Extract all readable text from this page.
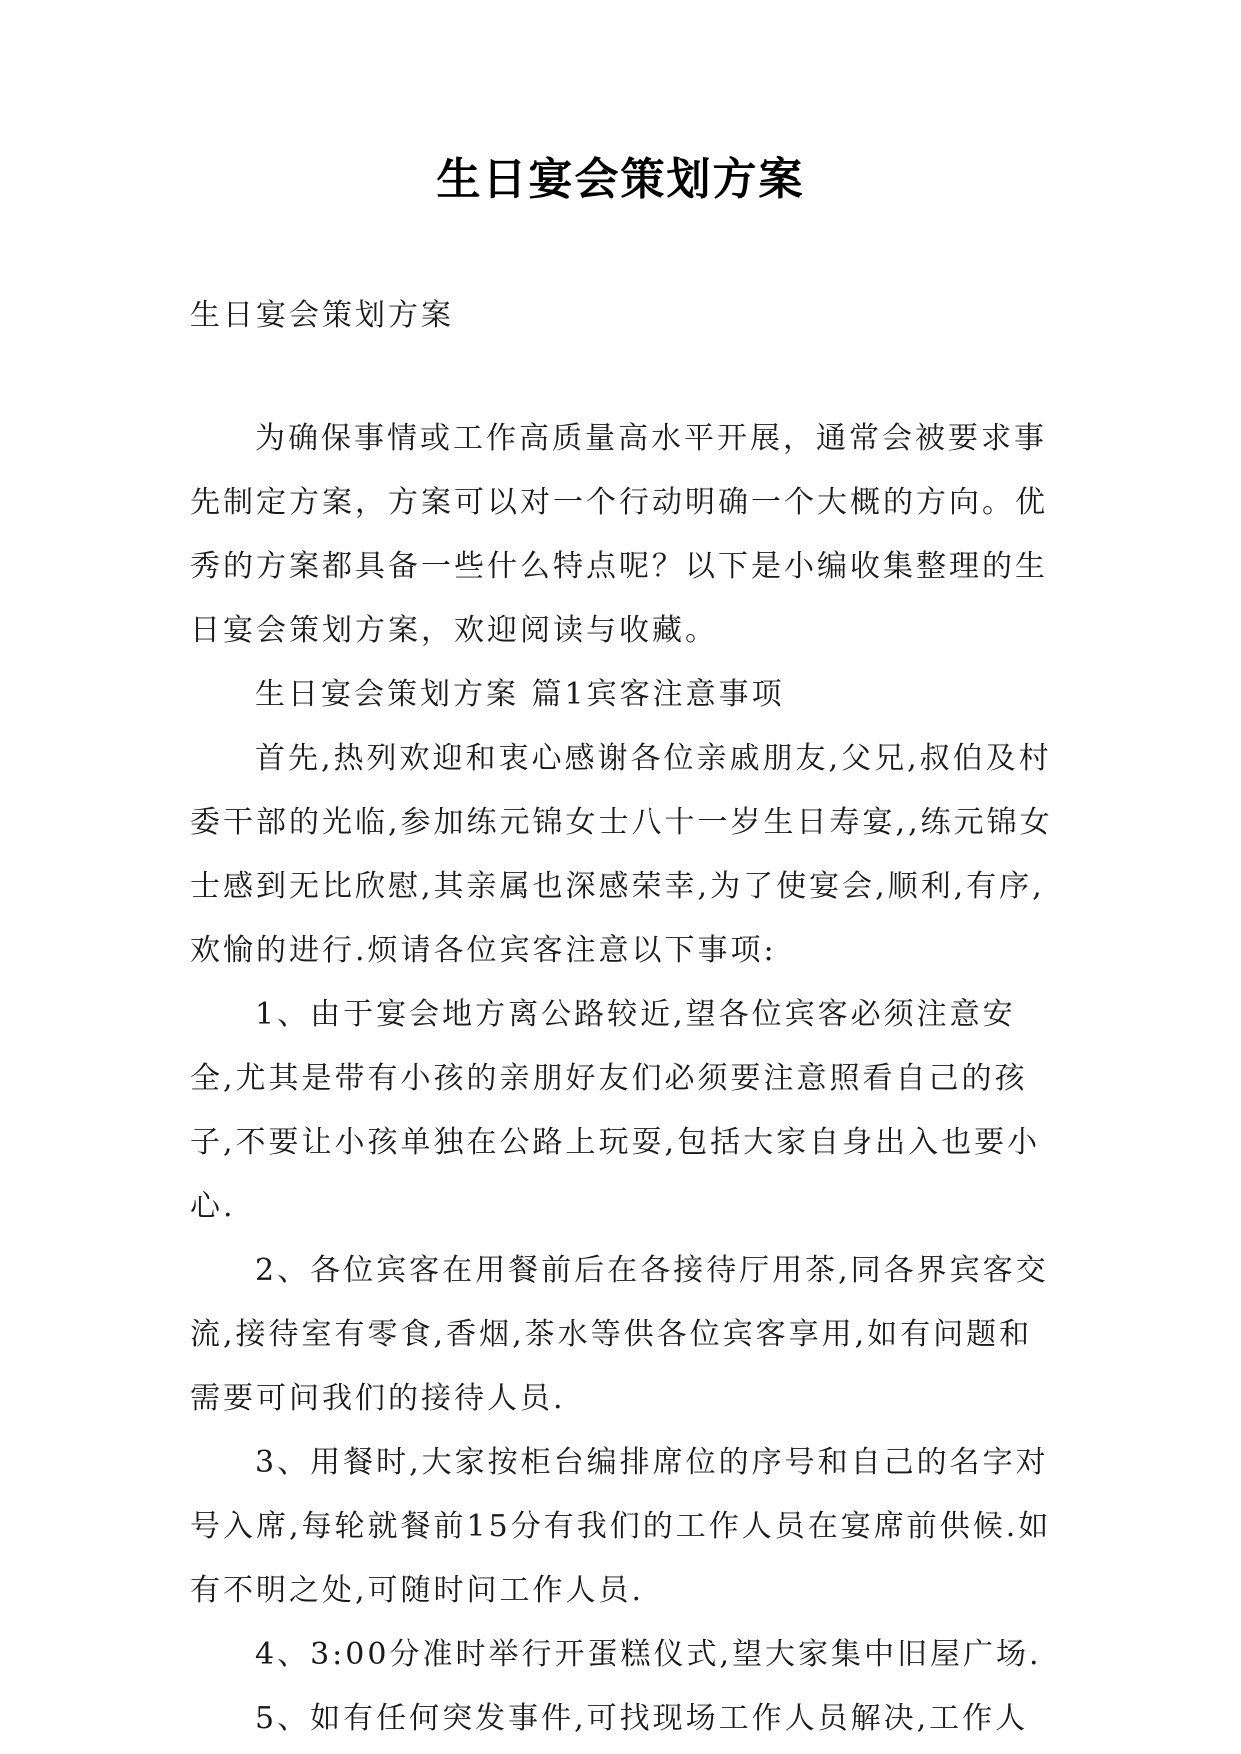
生日宴会策划方案
生日宴会策划方案

为确保事情或工作高质量高水平开展，通常会被要求事先制定方案，方案可以对一个行动明确一个大概的方向。优秀的方案都具备一些什么特点呢？以下是小编收集整理的生日宴会策划方案，欢迎阅读与收藏。

生日宴会策划方案 篇1宾客注意事项

首先,热列欢迎和衷心感谢各位亲戚朋友,父兄,叔伯及村委干部的光临,参加练元锦女士八十一岁生日寿宴,,练元锦女士感到无比欣慰,其亲属也深感荣幸,为了使宴会,顺利,有序,欢愉的进行.烦请各位宾客注意以下事项:

1、由于宴会地方离公路较近,望各位宾客必须注意安全,尤其是带有小孩的亲朋好友们必须要注意照看自己的孩子,不要让小孩单独在公路上玩耍,包括大家自身出入也要小心.

2、各位宾客在用餐前后在各接待厅用茶,同各界宾客交流,接待室有零食,香烟,茶水等供各位宾客享用,如有问题和需要可问我们的接待人员.

3、用餐时,大家按柜台编排席位的序号和自己的名字对号入席,每轮就餐前15分有我们的工作人员在宴席前供候.如有不明之处,可随时问工作人员.

4、3:00分准时举行开蛋糕仪式,望大家集中旧屋广场.

5、如有任何突发事件,可找现场工作人员解决,工作人
